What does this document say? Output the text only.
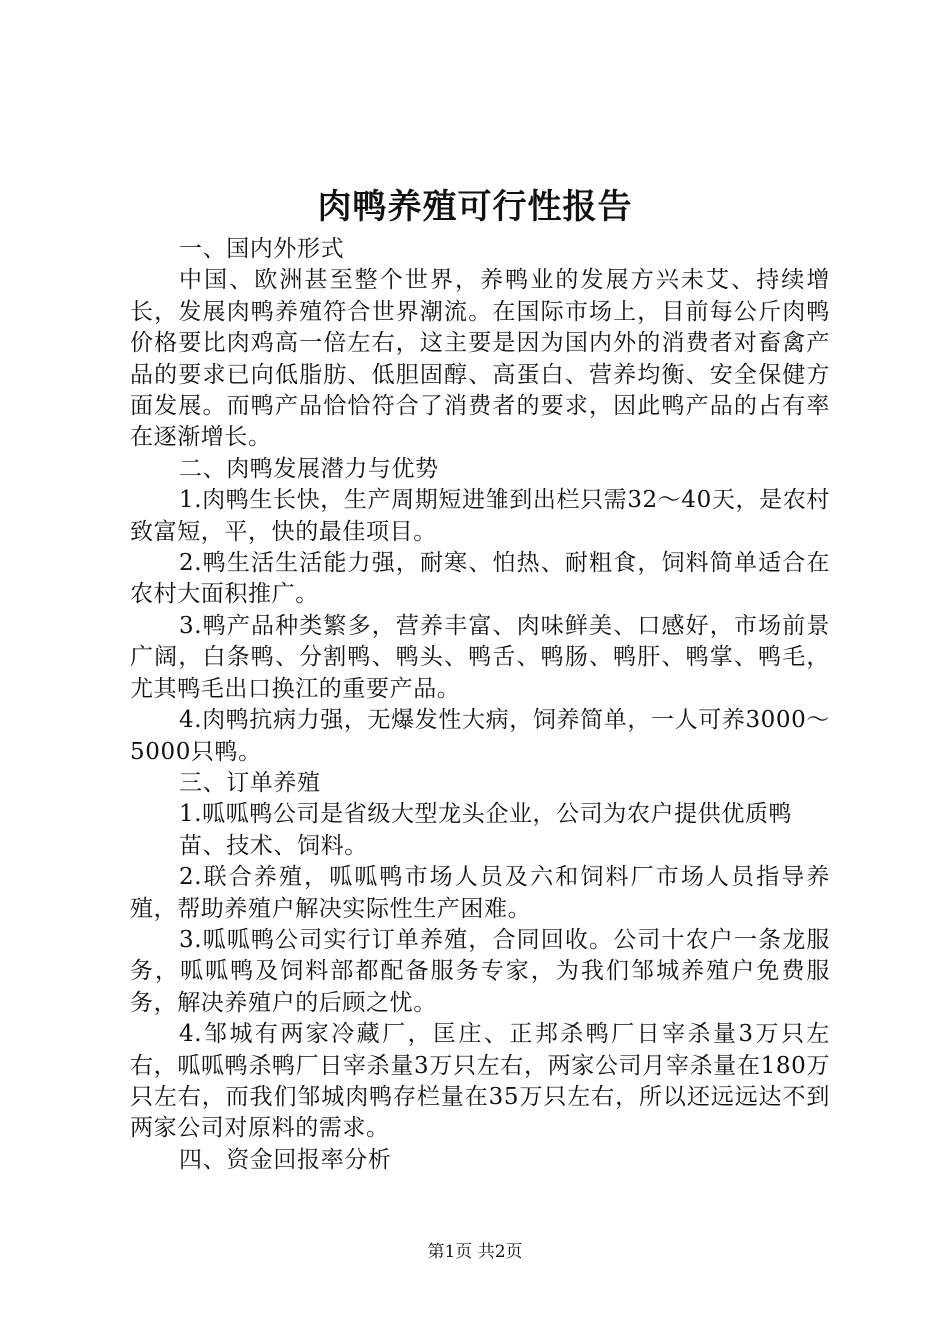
肉鸭养殖可行性报告

一、国内外形式

中国、欧洲甚至整个世界，养鸭业的发展方兴未艾、持续增长，发展肉鸭养殖符合世界潮流。在国际市场上，目前每公斤肉鸭价格要比肉鸡高一倍左右，这主要是因为国内外的消费者对畜禽产品的要求已向低脂肪、低胆固醇、高蛋白、营养均衡、安全保健方面发展。而鸭产品恰恰符合了消费者的要求，因此鸭产品的占有率在逐渐增长。

二、肉鸭发展潜力与优势

1.肉鸭生长快，生产周期短进雏到出栏只需32～40天，是农村致富短，平，快的最佳项目。

2.鸭生活生活能力强，耐寒、怕热、耐粗食，饲料简单适合在农村大面积推广。

3.鸭产品种类繁多，营养丰富、肉味鲜美、口感好，市场前景广阔，白条鸭、分割鸭、鸭头、鸭舌、鸭肠、鸭肝、鸭掌、鸭毛，尤其鸭毛出口换江的重要产品。

4.肉鸭抗病力强，无爆发性大病，饲养简单，一人可养3000～5000只鸭。

三、订单养殖

1.呱呱鸭公司是省级大型龙头企业，公司为农户提供优质鸭

苗、技术、饲料。

2.联合养殖，呱呱鸭市场人员及六和饲料厂市场人员指导养殖，帮助养殖户解决实际性生产困难。

3.呱呱鸭公司实行订单养殖，合同回收。公司十农户一条龙服务，呱呱鸭及饲料部都配备服务专家，为我们邹城养殖户免费服务，解决养殖户的后顾之忧。

4.邹城有两家冷藏厂，匡庄、正邦杀鸭厂日宰杀量3万只左右，呱呱鸭杀鸭厂日宰杀量3万只左右，两家公司月宰杀量在180万只左右，而我们邹城肉鸭存栏量在35万只左右，所以还远远达不到两家公司对原料的需求。

四、资金回报率分析

第1页 共2页
